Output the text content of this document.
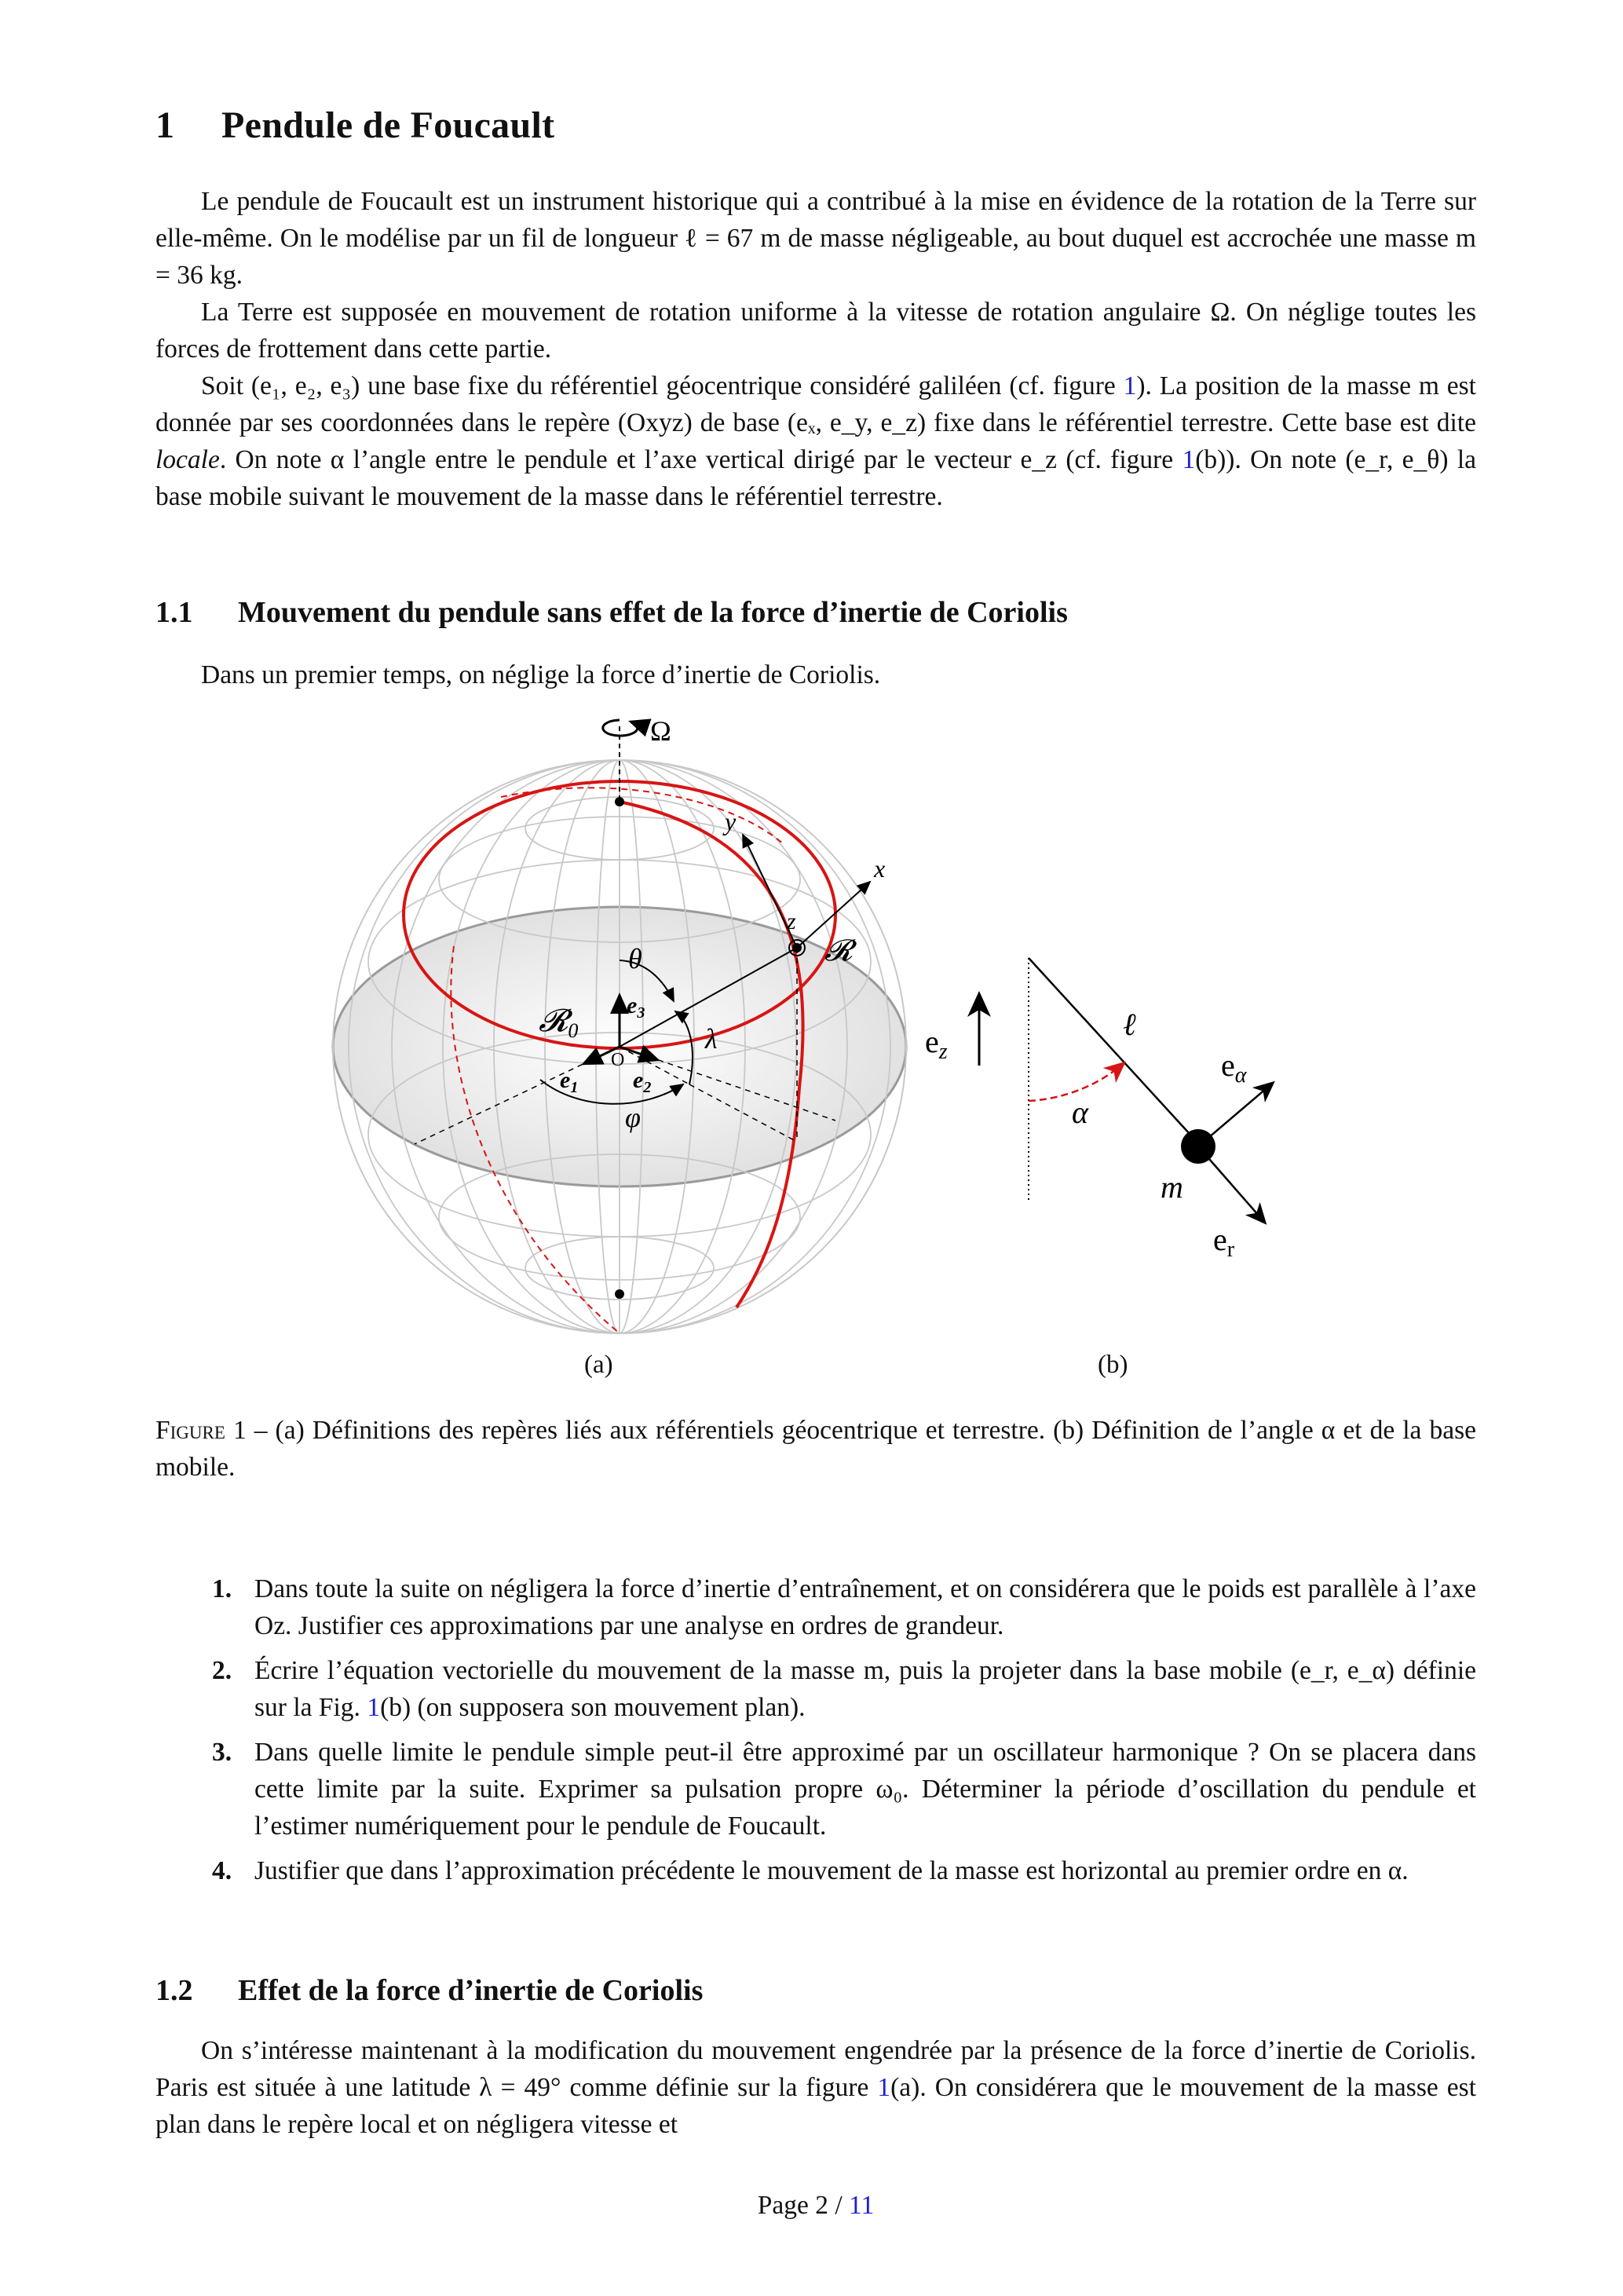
1 Pendule de Foucault

Le pendule de Foucault est un instrument historique qui a contribué à la mise en évidence de la rotation de la Terre sur elle-même. On le modélise par un fil de longueur ℓ = 67 m de masse négligeable, au bout duquel est accrochée une masse m = 36 kg.

La Terre est supposée en mouvement de rotation uniforme à la vitesse de rotation angulaire Ω. On néglige toutes les forces de frottement dans cette partie.

Soit (e₁, e₂, e₃) une base fixe du référentiel géocentrique considéré galiléen (cf. figure 1). La position de la masse m est donnée par ses coordonnées dans le repère (Oxyz) de base (eₓ, e_y, e_z) fixe dans le référentiel terrestre. Cette base est dite locale. On note α l’angle entre le pendule et l’axe vertical dirigé par le vecteur e_z (cf. figure 1(b)). On note (e_r, e_θ) la base mobile suivant le mouvement de la masse dans le référentiel terrestre.

1.1 Mouvement du pendule sans effet de la force d’inertie de Coriolis

Dans un premier temps, on néglige la force d’inertie de Coriolis.

Ω
x
y
z
𝓡
θ
λ
φ
O
𝓡$_0$
$e_3$
$e_1$ $e_2$
$e_z$
ℓ
α
m
$e_\alpha$
$e_r$
(a)	(b)

Figure 1 – (a) Définitions des repères liés aux référentiels géocentrique et terrestre. (b) Définition de l’angle α et de la base mobile.

1. Dans toute la suite on négligera la force d’inertie d’entraînement, et on considérera que le poids est parallèle à l’axe Oz. Justifier ces approximations par une analyse en ordres de grandeur.
2. Écrire l’équation vectorielle du mouvement de la masse m, puis la projeter dans la base mobile (e_r, e_α) définie sur la Fig. 1(b) (on supposera son mouvement plan).
3. Dans quelle limite le pendule simple peut-il être approximé par un oscillateur harmonique ? On se placera dans cette limite par la suite. Exprimer sa pulsation propre ω₀. Déterminer la période d’oscillation du pendule et l’estimer numériquement pour le pendule de Foucault.
4. Justifier que dans l’approximation précédente le mouvement de la masse est horizontal au premier ordre en α.
1.2 Effet de la force d’inertie de Coriolis

On s’intéresse maintenant à la modification du mouvement engendrée par la présence de la force d’inertie de Coriolis. Paris est située à une latitude λ = 49° comme définie sur la figure 1(a). On considérera que le mouvement de la masse est plan dans le repère local et on négligera vitesse et

Page 2 / 11
